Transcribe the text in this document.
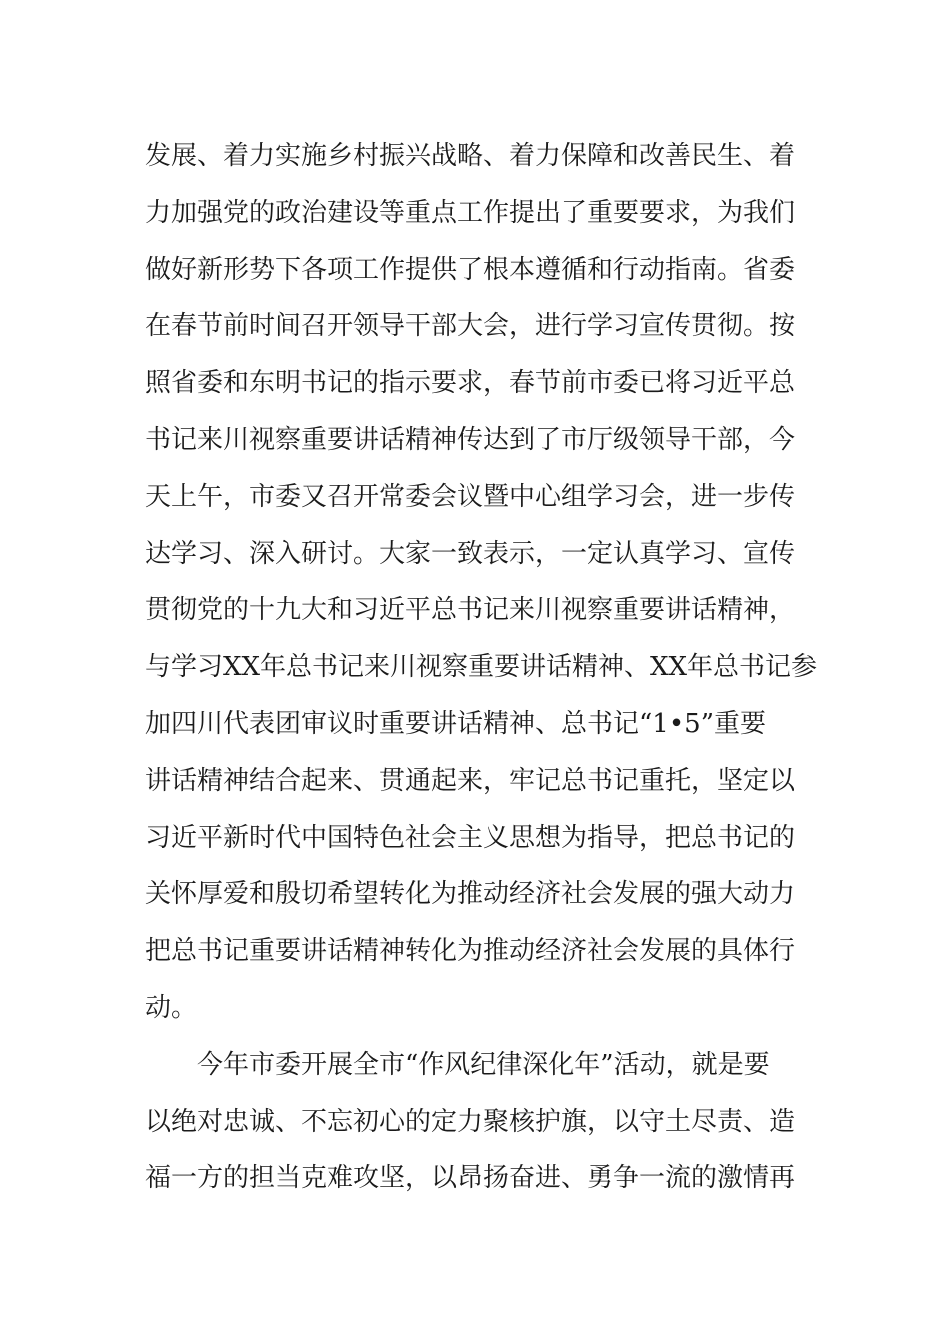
发展、着力实施乡村振兴战略、着力保障和改善民生、着
力加强党的政治建设等重点工作提出了重要要求，为我们
做好新形势下各项工作提供了根本遵循和行动指南。省委
在春节前时间召开领导干部大会，进行学习宣传贯彻。按
照省委和东明书记的指示要求，春节前市委已将习近平总
书记来川视察重要讲话精神传达到了市厅级领导干部，今
天上午，市委又召开常委会议暨中心组学习会，进一步传
达学习、深入研讨。大家一致表示，一定认真学习、宣传
贯彻党的十九大和习近平总书记来川视察重要讲话精神，
与学习XX年总书记来川视察重要讲话精神、XX年总书记参
加四川代表团审议时重要讲话精神、总书记“1•5”重要
讲话精神结合起来、贯通起来，牢记总书记重托，坚定以
习近平新时代中国特色社会主义思想为指导，把总书记的
关怀厚爱和殷切希望转化为推动经济社会发展的强大动力
把总书记重要讲话精神转化为推动经济社会发展的具体行
动。
今年市委开展全市“作风纪律深化年”活动，就是要
以绝对忠诚、不忘初心的定力聚核护旗，以守土尽责、造
福一方的担当克难攻坚，以昂扬奋进、勇争一流的激情再
